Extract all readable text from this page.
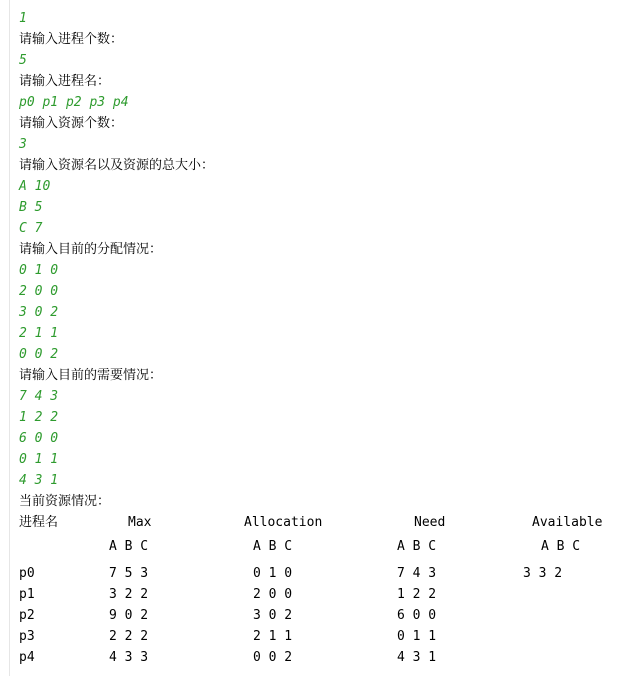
1
请输入进程个数：
5
请输入进程名：
p0 p1 p2 p3 p4
请输入资源个数：
3
请输入资源名以及资源的总大小：
A 10
B 5
C 7
请输入目前的分配情况：
0 1 0
2 0 0
3 0 2
2 1 1
0 0 2
请输入目前的需要情况：
7 4 3
1 2 2
6 0 0
0 1 1
4 3 1
当前资源情况：
进程名	Max	Allocation	Need	Available
A B C	A B C	A B C	A B C
p0	7 5 3	0 1 0	7 4 3	3 3 2
p1	3 2 2	2 0 0	1 2 2
p2	9 0 2	3 0 2	6 0 0
p3	2 2 2	2 1 1	0 1 1
p4	4 3 3	0 0 2	4 3 1
